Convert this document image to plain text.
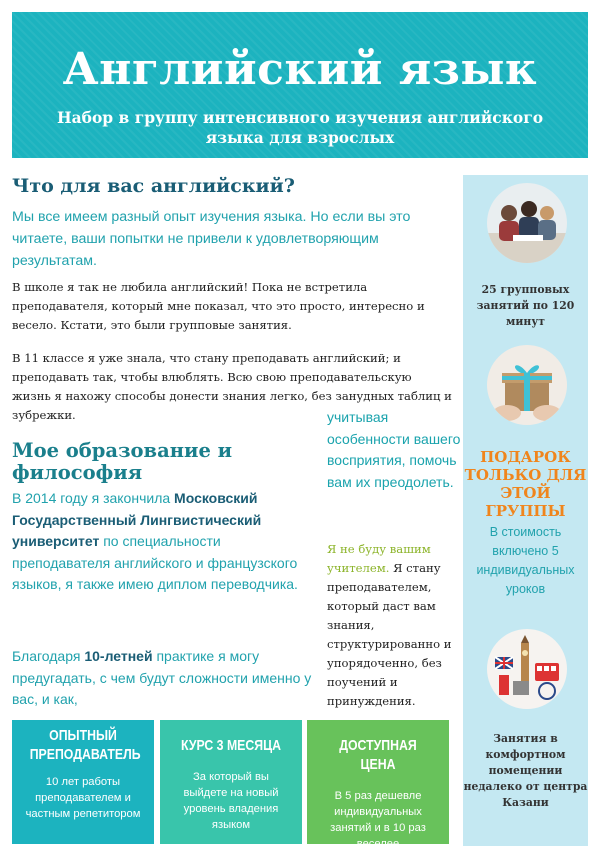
Английский язык
Набор в группу интенсивного изучения английского языка для взрослых
Что для вас английский?
Мы все имеем разный опыт изучения языка. Но если вы это читаете, ваши попытки не привели к удовлетворяющим результатам.
В школе я так не любила английский! Пока не встретила преподавателя, который мне показал, что это просто, интересно и весело. Кстати, это были групповые занятия.
В 11 классе я уже знала, что стану преподавать английский; и преподавать так, чтобы влюблять. Всю свою преподавательскую жизнь я нахожу способы донести знания легко, без занудных таблиц и зубрежки.
Мое образование и философия
В 2014 году я закончила Московский Государственный Лингвистический университет по специальности преподавателя английского и французского языков, я также имею диплом переводчика.
Благодаря 10-летней практике я могу предугадать, с чем будут сложности именно у вас, и как,
учитывая особенности вашего восприятия, помочь вам их преодолеть.
Я не буду вашим учителем. Я стану преподавателем, который даст вам знания, структурированно и упорядоченно, без поучений и принуждения.
ОПЫТНЫЙ ПРЕПОДАВАТЕЛЬ
10 лет работы преподавателем и частным репетитором
КУРС 3 МЕСЯЦА
За который вы выйдете на новый уровень владения языком
ДОСТУПНАЯ ЦЕНА
В 5 раз дешевле индивидуальных занятий и в 10 раз веселее
25 групповых занятий по 120 минут
ПОДАРОК ТОЛЬКО ДЛЯ ЭТОЙ ГРУППЫ
В стоимость включено 5 индивидуальных уроков
Занятия в комфортном помещении недалеко от центра Казани
